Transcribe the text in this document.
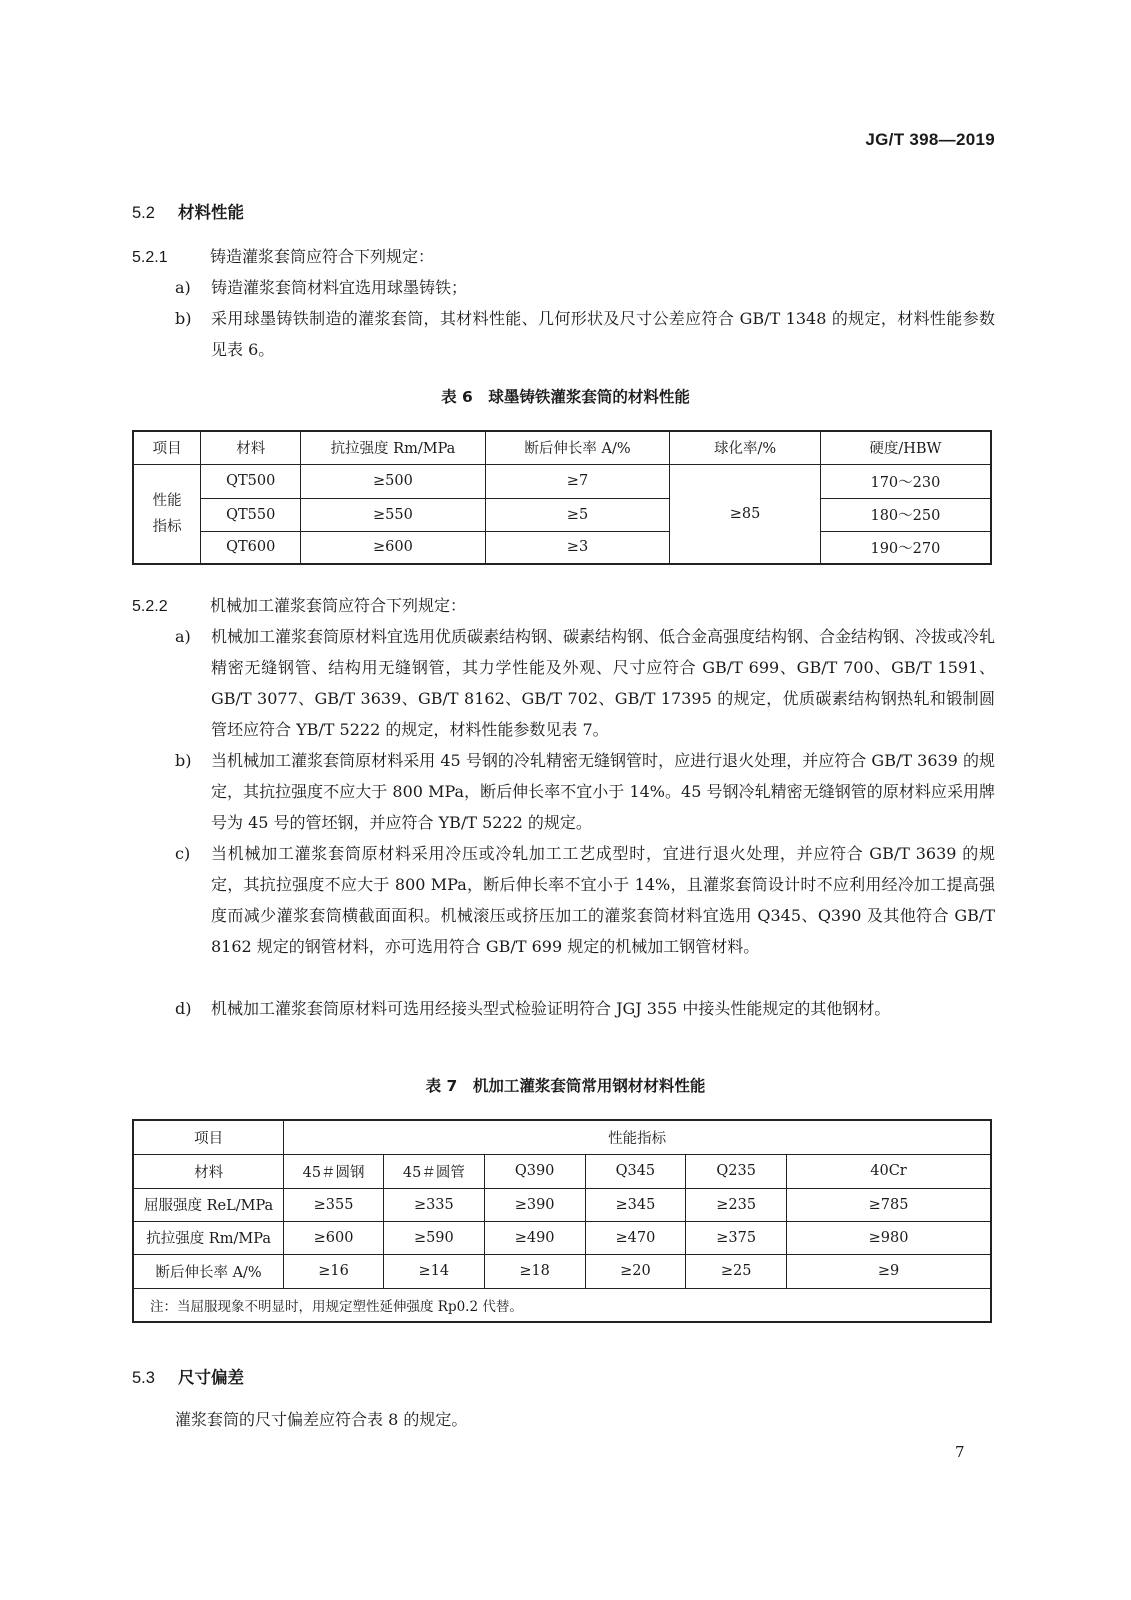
JG/T 398—2019
5.2 材料性能
5.2.1	铸造灌浆套筒应符合下列规定：
a)	铸造灌浆套筒材料宜选用球墨铸铁；
b)	采用球墨铸铁制造的灌浆套筒，其材料性能、几何形状及尺寸公差应符合 GB/T 1348 的规定，材料性能参数见表 6。
表 6　球墨铸铁灌浆套筒的材料性能
项目	材料	抗拉强度 Rm/MPa	断后伸长率 A/%	球化率/%	硬度/HBW
性能
指标	QT500	≥500	≥7	≥85	170～230
	QT550	≥550	≥5		180～250
	QT600	≥600	≥3		190～270
5.2.2	机械加工灌浆套筒应符合下列规定：
a)	机械加工灌浆套筒原材料宜选用优质碳素结构钢、碳素结构钢、低合金高强度结构钢、合金结构钢、冷拔或冷轧精密无缝钢管、结构用无缝钢管，其力学性能及外观、尺寸应符合 GB/T 699、GB/T 700、GB/T 1591、GB/T 3077、GB/T 3639、GB/T 8162、GB/T 702、GB/T 17395 的规定，优质碳素结构钢热轧和锻制圆管坯应符合 YB/T 5222 的规定，材料性能参数见表 7。
b)	当机械加工灌浆套筒原材料采用 45 号钢的冷轧精密无缝钢管时，应进行退火处理，并应符合 GB/T 3639 的规定，其抗拉强度不应大于 800 MPa，断后伸长率不宜小于 14%。45 号钢冷轧精密无缝钢管的原材料应采用牌号为 45 号的管坯钢，并应符合 YB/T 5222 的规定。
c)	当机械加工灌浆套筒原材料采用冷压或冷轧加工工艺成型时，宜进行退火处理，并应符合 GB/T 3639 的规定，其抗拉强度不应大于 800 MPa，断后伸长率不宜小于 14%，且灌浆套筒设计时不应利用经冷加工提高强度而减少灌浆套筒横截面面积。机械滚压或挤压加工的灌浆套筒材料宜选用 Q345、Q390 及其他符合 GB/T 8162 规定的钢管材料，亦可选用符合 GB/T 699 规定的机械加工钢管材料。
d)	机械加工灌浆套筒原材料可选用经接头型式检验证明符合 JGJ 355 中接头性能规定的其他钢材。
表 7　机加工灌浆套筒常用钢材材料性能
项目	性能指标					
材料	45＃圆钢	45＃圆管	Q390	Q345	Q235	40Cr
屈服强度 ReL/MPa	≥355	≥335	≥390	≥345	≥235	≥785
抗拉强度 Rm/MPa	≥600	≥590	≥490	≥470	≥375	≥980
断后伸长率 A/%	≥16	≥14	≥18	≥20	≥25	≥9
注：当屈服现象不明显时，用规定塑性延伸强度 Rp0.2 代替。						
5.3 尺寸偏差
灌浆套筒的尺寸偏差应符合表 8 的规定。
7
